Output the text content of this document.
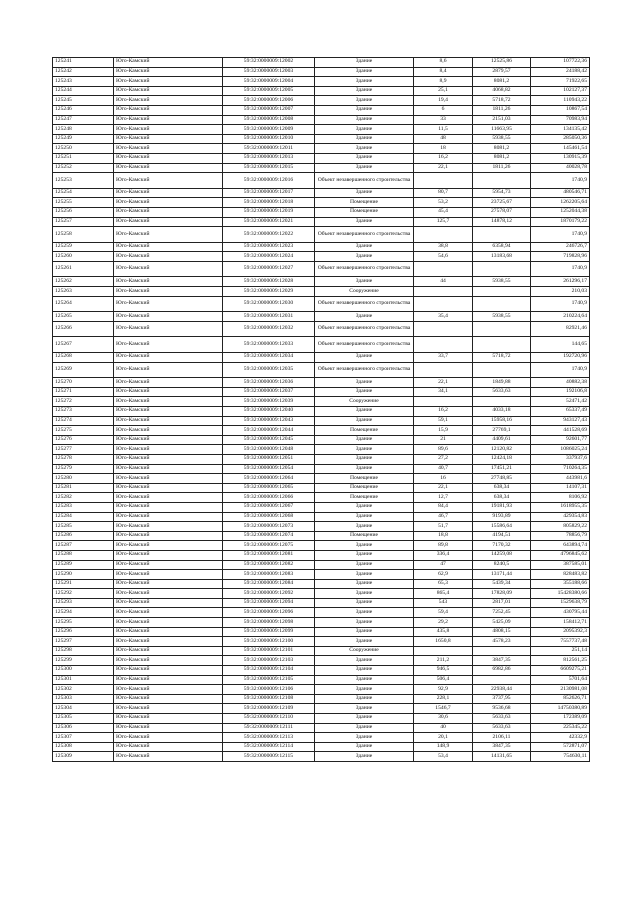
125241	Юго-Камский	59:32:0000009:12002	Здание	8,6	12525,86	107722,36
125242	Юго-Камский	59:32:0000009:12003	Здание	8,4	2879,57	24188,42
125243	Юго-Камский	59:32:0000009:12004	Здание	8,9	8081,2	71922,65
125244	Юго-Камский	59:32:0000009:12005	Здание	25,1	4068,82	102127,37
125245	Юго-Камский	59:32:0000009:12006	Здание	19,4	5718,72	110943,22
125246	Юго-Камский	59:32:0000009:12007	Здание	6	1811,26	10867,54
125247	Юго-Камский	59:32:0000009:12008	Здание	33	2151,03	70983,94
125248	Юго-Камский	59:32:0000009:12009	Здание	11,5	11663,95	134135,42
125249	Юго-Камский	59:32:0000009:12010	Здание	48	5938,55	285050,36
125250	Юго-Камский	59:32:0000009:12011	Здание	18	8081,2	145461,54
125251	Юго-Камский	59:32:0000009:12013	Здание	16,2	8081,2	130915,39
125252	Юго-Камский	59:32:0000009:12015	Здание	22,1	1811,26	40028,78
125253	Юго-Камский	59:32:0000009:12016	Объект незавершенного строительства			1740,9
125254	Юго-Камский	59:32:0000009:12017	Здание	80,7	5954,73	480546,71
125255	Юго-Камский	59:32:0000009:12018	Помещение	53,2	23725,67	1262205,64
125256	Юго-Камский	59:32:0000009:12019	Помещение	45,4	27578,07	1252044,38
125257	Юго-Камский	59:32:0000009:12021	Здание	125,7	14878,12	1870179,22
125258	Юго-Камский	59:32:0000009:12022	Объект незавершенного строительства			1740,9
125259	Юго-Камский	59:32:0000009:12023	Здание	38,8	6358,94	246726,7
125260	Юго-Камский	59:32:0000009:12024	Здание	54,6	13183,68	719828,96
125261	Юго-Камский	59:32:0000009:12027	Объект незавершенного строительства			1740,9
125262	Юго-Камский	59:32:0000009:12028	Здание	44	5938,55	261296,17
125263	Юго-Камский	59:32:0000009:12029	Сооружение			210,03
125264	Юго-Камский	59:32:0000009:12030	Объект незавершенного строительства			1740,9
125265	Юго-Камский	59:32:0000009:12031	Здание	35,4	5938,55	210224,64
125266	Юго-Камский	59:32:0000009:12032	Объект незавершенного строительства			82921,46
125267	Юго-Камский	59:32:0000009:12033	Объект незавершенного строительства			144,65
125268	Юго-Камский	59:32:0000009:12034	Здание	33,7	5718,72	192720,96
125269	Юго-Камский	59:32:0000009:12035	Объект незавершенного строительства			1740,9
125270	Юго-Камский	59:32:0000009:12036	Здание	22,1	1849,88	40882,38
125271	Юго-Камский	59:32:0000009:12037	Здание	34,1	5633,63	192106,8
125272	Юго-Камский	59:32:0000009:12039	Сооружение			52471,42
125273	Юго-Камский	59:32:0000009:12040	Здание	16,2	4033,18	65337,49
125274	Юго-Камский	59:32:0000009:12043	Здание	59,1	15958,16	943127,43
125275	Юго-Камский	59:32:0000009:12044	Помещение	15,9	27769,1	441528,69
125276	Юго-Камский	59:32:0000009:12045	Здание	21	4409,61	92601,77
125277	Юго-Камский	59:32:0000009:12048	Здание	89,6	12120,82	1086025,24
125278	Юго-Камский	59:32:0000009:12051	Здание	27,2	12424,18	337937,6
125279	Юго-Камский	59:32:0000009:12054	Здание	40,7	17451,21	710264,35
125280	Юго-Камский	59:32:0000009:12064	Помещение	16	27748,85	443981,6
125281	Юго-Камский	59:32:0000009:12065	Помещение	22,1	638,34	14107,31
125282	Юго-Камский	59:32:0000009:12066	Помещение	12,7	638,34	8106,92
125283	Юго-Камский	59:32:0000009:12067	Здание	84,4	19181,93	1618955,35
125284	Юго-Камский	59:32:0000009:12068	Здание	46,7	9193,89	429354,83
125285	Юго-Камский	59:32:0000009:12073	Здание	51,7	15586,64	805829,22
125286	Юго-Камский	59:32:0000009:12074	Помещение	18,8	4194,51	78856,79
125287	Юго-Камский	59:32:0000009:12075	Здание	89,8	7170,32	643894,74
125288	Юго-Камский	59:32:0000009:12081	Здание	336,4	14259,08	4796845,62
125289	Юго-Камский	59:32:0000009:12082	Здание	47	8240,5	387585,01
125290	Юго-Камский	59:32:0000009:12083	Здание	62,9	13171,44	828483,82
125291	Юго-Камский	59:32:0000009:12084	Здание	65,3	5439,34	355188,66
125292	Юго-Камский	59:32:0000009:12092	Здание	865,4	17828,09	15428380,66
125293	Юго-Камский	59:32:0000009:12094	Здание	543	2817,01	1529638,79
125294	Юго-Камский	59:32:0000009:12096	Здание	59,4	7252,45	430795,44
125295	Юго-Камский	59:32:0000009:12098	Здание	29,2	5425,09	158412,71
125296	Юго-Камский	59:32:0000009:12099	Здание	435,8	4808,15	2095392,3
125297	Юго-Камский	59:32:0000009:12100	Здание	1650,8	4578,23	7557737,48
125298	Юго-Камский	59:32:0000009:12101	Сооружение			251,14
125299	Юго-Камский	59:32:0000009:12103	Здание	211,2	3847,35	812561,25
125300	Юго-Камский	59:32:0000009:12104	Здание	946,5	6982,86	6609275,21
125301	Юго-Камский	59:32:0000009:12105	Здание	506,4		5701,64
125302	Юго-Камский	59:32:0000009:12106	Здание	92,9	22938,44	2130981,08
125303	Юго-Камский	59:32:0000009:12108	Здание	228,1	3737,95	852626,71
125304	Юго-Камский	59:32:0000009:12109	Здание	1546,7	9536,68	14750380,89
125305	Юго-Камский	59:32:0000009:12110	Здание	30,6	5633,63	172389,09
125306	Юго-Камский	59:32:0000009:12111	Здание	40	5633,63	225345,22
125307	Юго-Камский	59:32:0000009:12113	Здание	20,1	2106,11	42332,9
125308	Юго-Камский	59:32:0000009:12114	Здание	148,9	3847,35	572871,07
125309	Юго-Камский	59:32:0000009:12115	Здание	53,4	14131,65	754630,11
